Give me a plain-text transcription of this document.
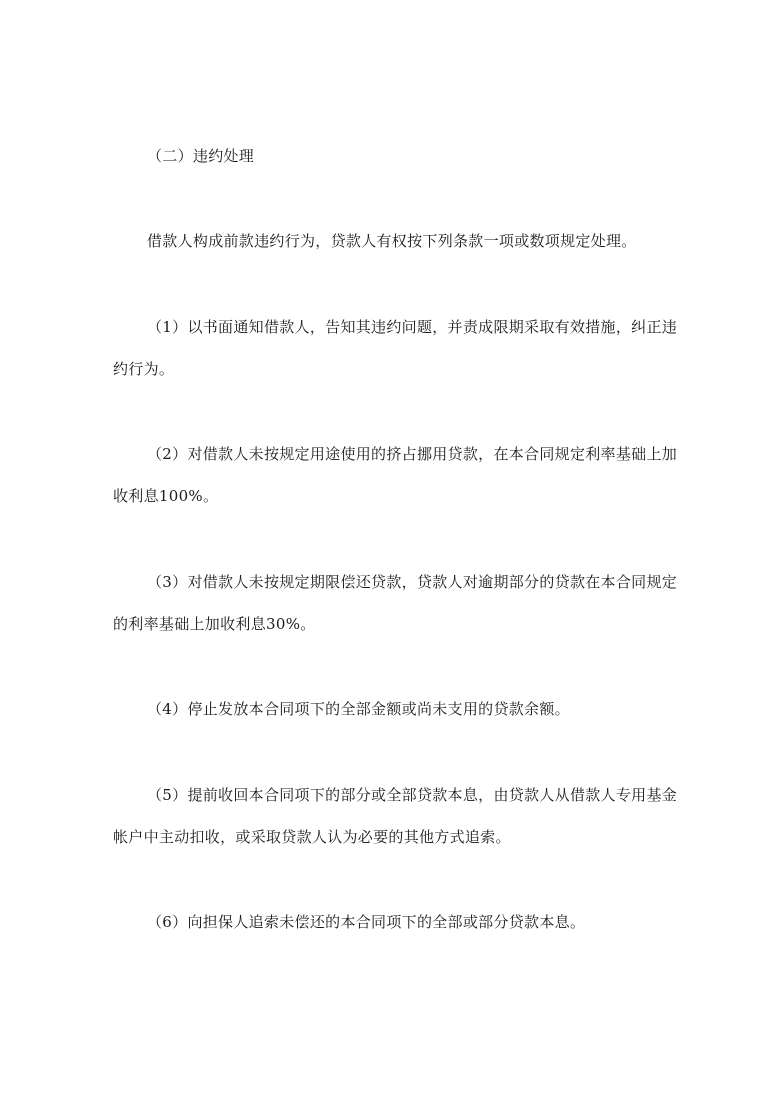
（二）违约处理
借款人构成前款违约行为，贷款人有权按下列条款一项或数项规定处理。
（1）以书面通知借款人，告知其违约问题，并责成限期采取有效措施，纠正违
约行为。
（2）对借款人未按规定用途使用的挤占挪用贷款，在本合同规定利率基础上加
收利息100%。
（3）对借款人未按规定期限偿还贷款，贷款人对逾期部分的贷款在本合同规定
的利率基础上加收利息30%。
（4）停止发放本合同项下的全部金额或尚未支用的贷款余额。
（5）提前收回本合同项下的部分或全部贷款本息，由贷款人从借款人专用基金
帐户中主动扣收，或采取贷款人认为必要的其他方式追索。
（6）向担保人追索未偿还的本合同项下的全部或部分贷款本息。
